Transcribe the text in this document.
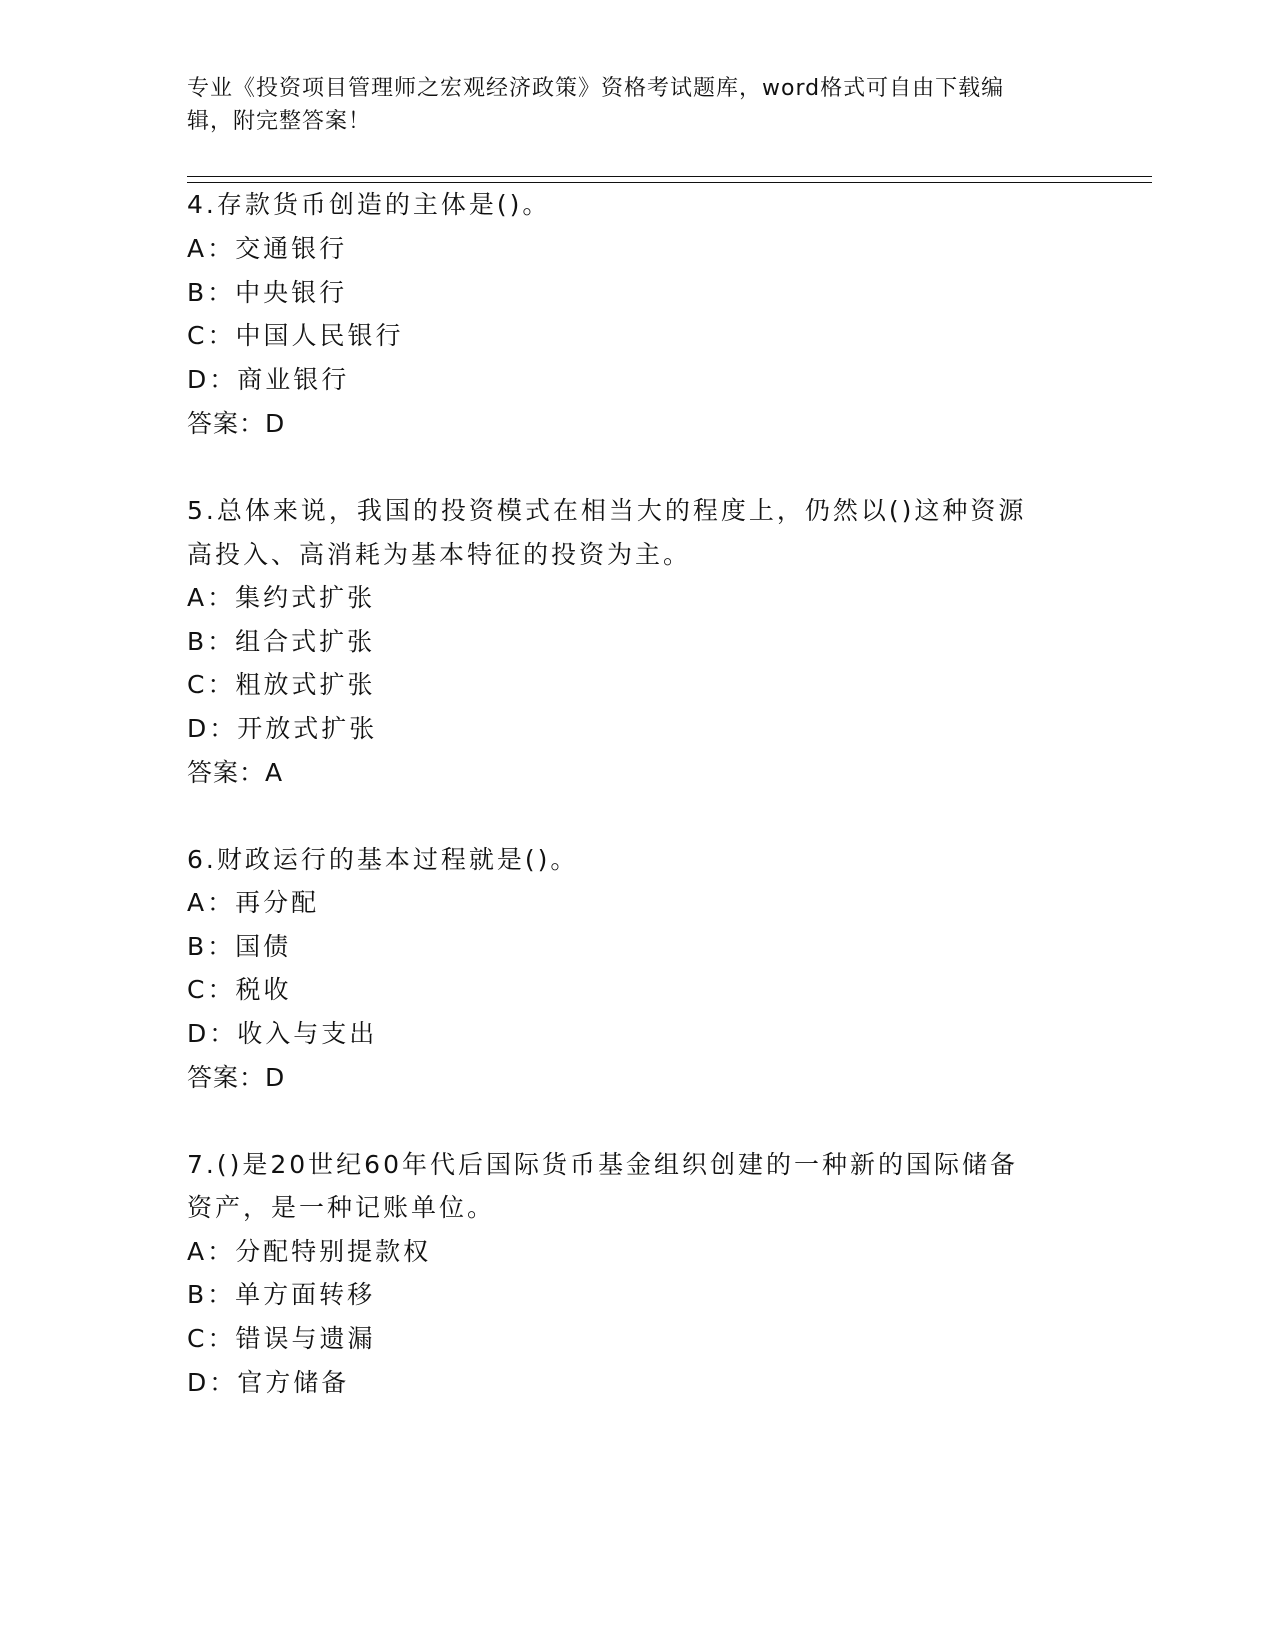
专业《投资项目管理师之宏观经济政策》资格考试题库，word格式可自由下载编
辑，附完整答案！
4.存款货币创造的主体是()。
A：交通银行
B：中央银行
C：中国人民银行
D：商业银行
答案：D
5.总体来说，我国的投资模式在相当大的程度上，仍然以()这种资源
高投入、高消耗为基本特征的投资为主。
A：集约式扩张
B：组合式扩张
C：粗放式扩张
D：开放式扩张
答案：A
6.财政运行的基本过程就是()。
A：再分配
B：国债
C：税收
D：收入与支出
答案：D
7.()是20世纪60年代后国际货币基金组织创建的一种新的国际储备
资产，是一种记账单位。
A：分配特别提款权
B：单方面转移
C：错误与遗漏
D：官方储备
